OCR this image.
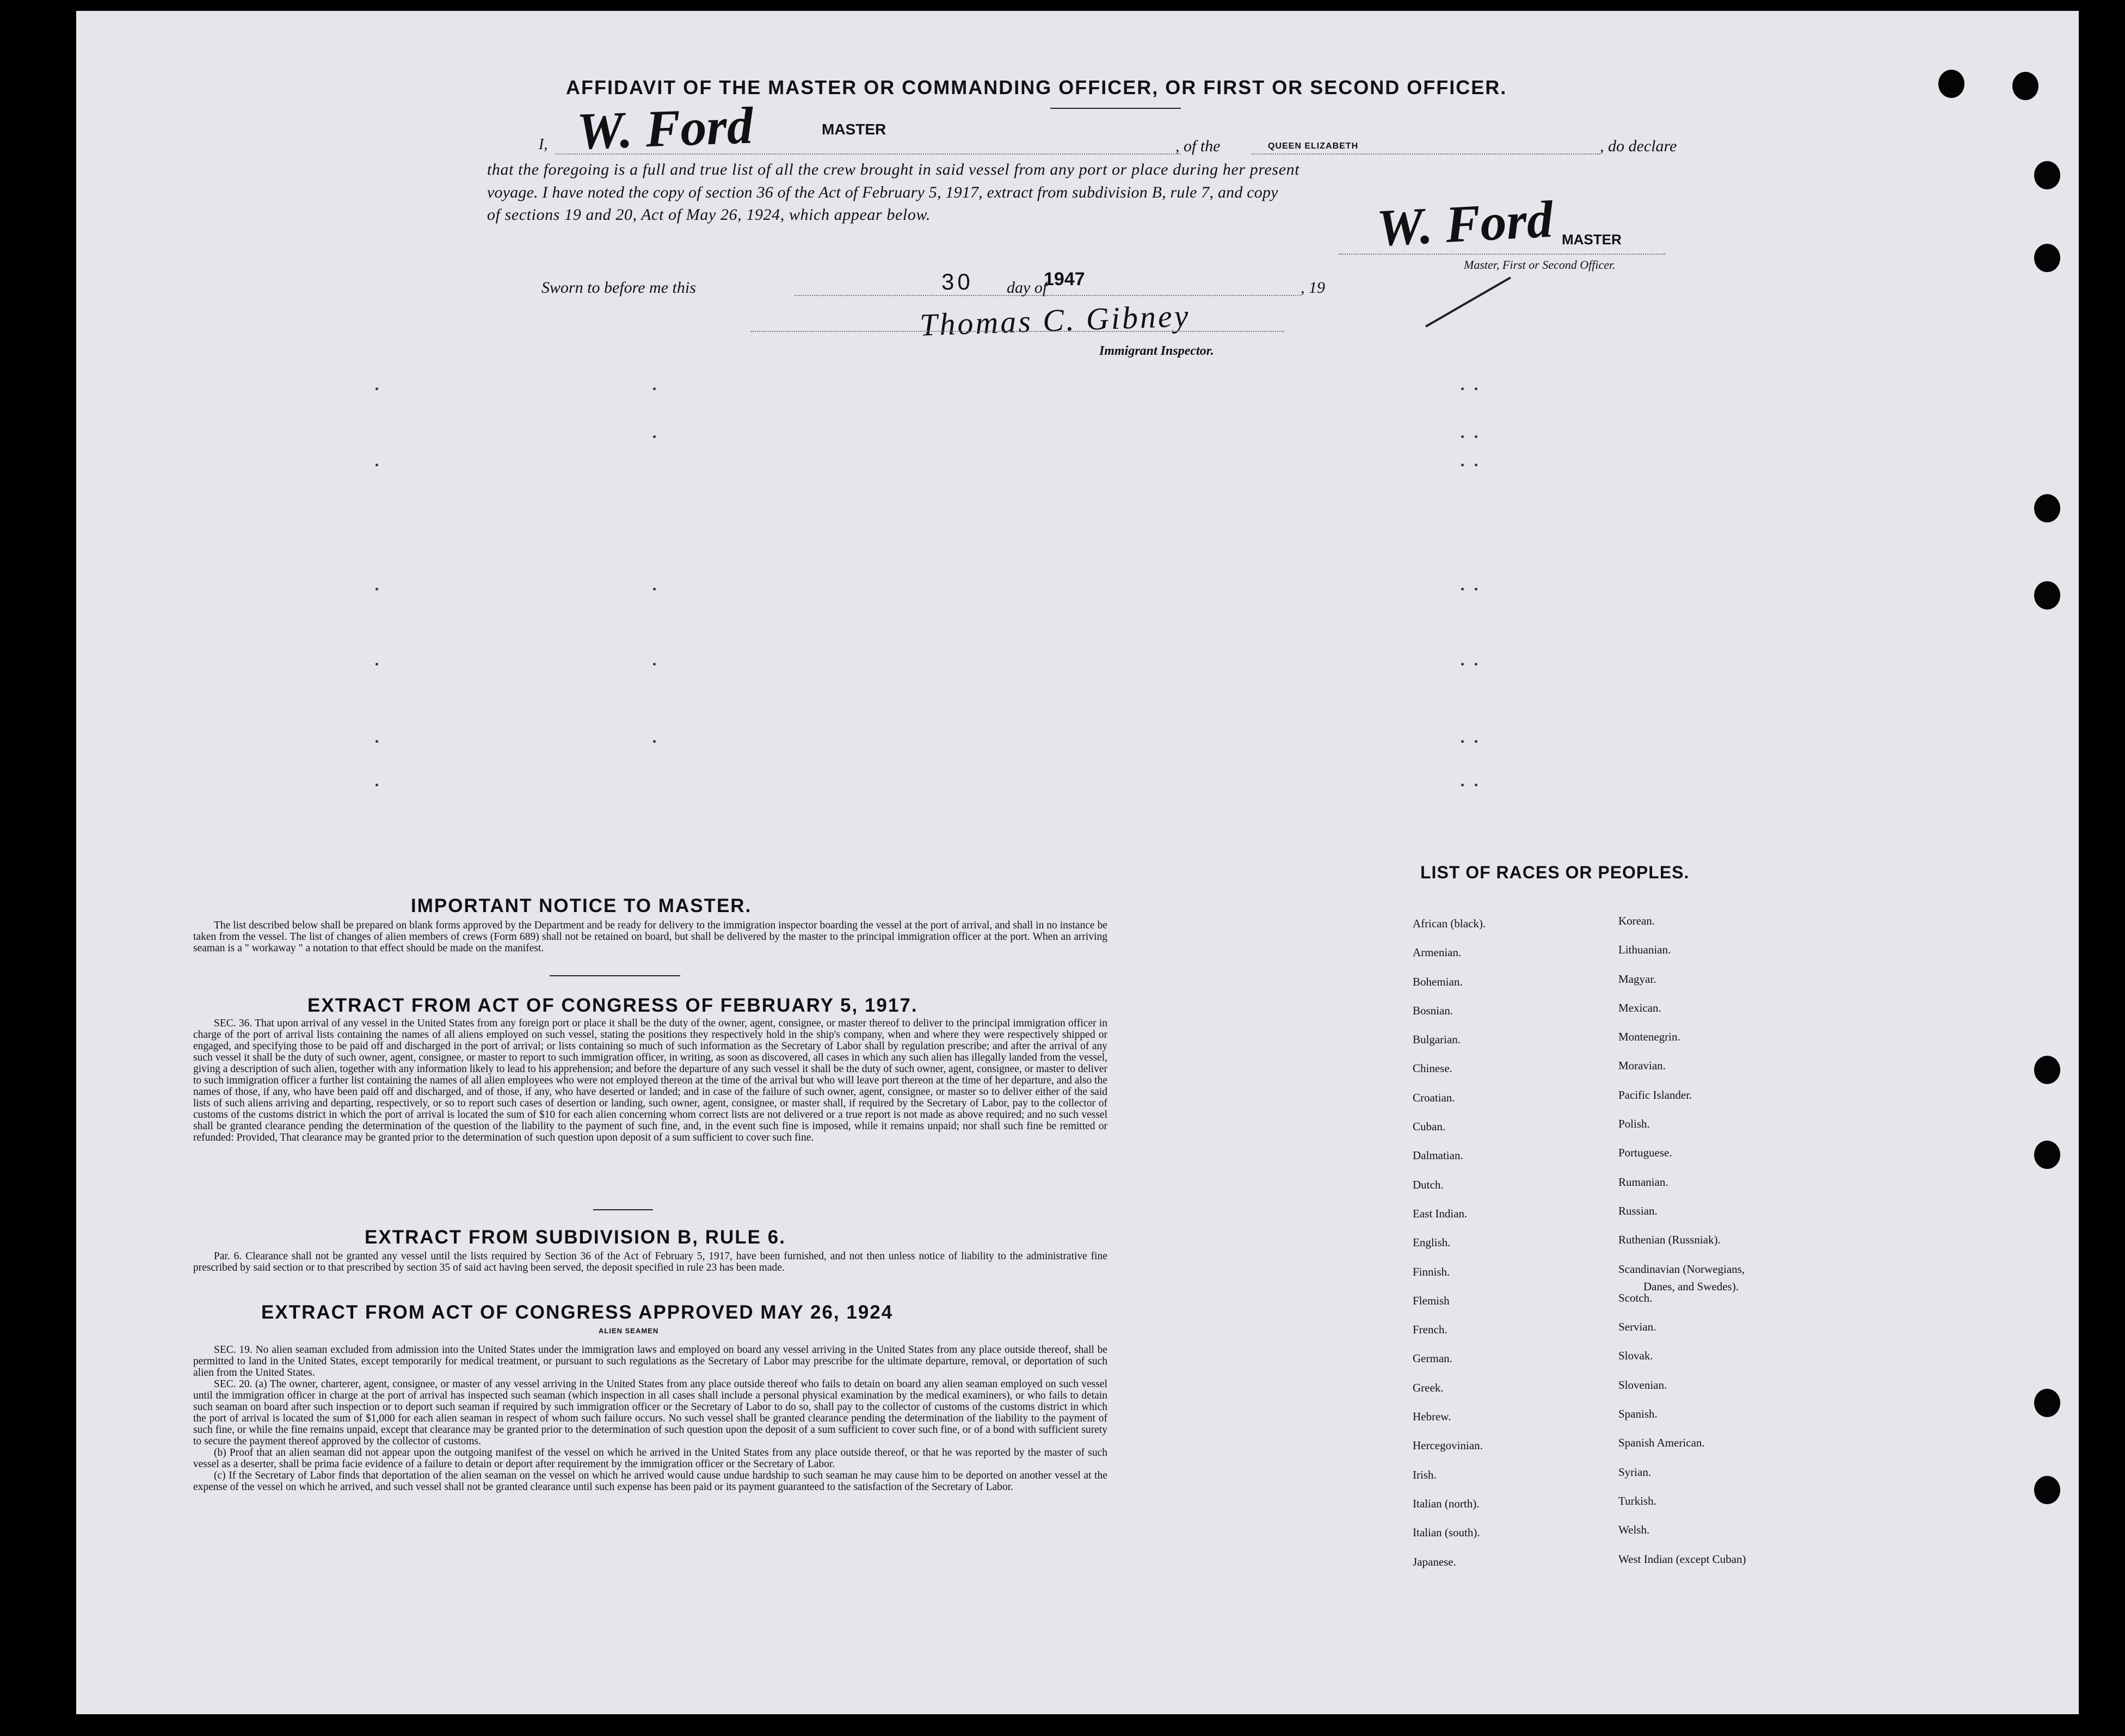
AFFIDAVIT OF THE MASTER OR COMMANDING OFFICER, OR FIRST OR SECOND OFFICER.
I, W. Ford	MASTER
, of the	QUEEN ELIZABETH	, do declare
that the foregoing is a full and true list of all the crew brought in said vessel from any port or place during her present
voyage. I have noted the copy of section 36 of the Act of February 5, 1917, extract from subdivision B, rule 7, and copy
of sections 19 and 20, Act of May 26, 1924, which appear below.	W. Ford MASTER
Master, First or Second Officer.
Sworn to before me this	30 day of
1947	, 19
Thomas C. Gibney
Immigrant Inspector.
IMPORTANT NOTICE TO MASTER.

The list described below shall be prepared on blank forms approved by the Department and be ready for delivery to the immigration inspector boarding the vessel at the port of arrival, and shall in no instance be taken from the vessel. The list of changes of alien members of crews (Form 689) shall not be retained on board, but shall be delivered by the master to the principal immigration officer at the port. When an arriving seaman is a " workaway " a notation to that effect should be made on the manifest.

EXTRACT FROM ACT OF CONGRESS OF FEBRUARY 5, 1917.

SEC. 36. That upon arrival of any vessel in the United States from any foreign port or place it shall be the duty of the owner, agent, consignee, or master thereof to deliver to the principal immigration officer in charge of the port of arrival lists containing the names of all aliens employed on such vessel, stating the positions they respectively hold in the ship's company, when and where they were respectively shipped or engaged, and specifying those to be paid off and discharged in the port of arrival; or lists containing so much of such information as the Secretary of Labor shall by regulation prescribe; and after the arrival of any such vessel it shall be the duty of such owner, agent, consignee, or master to report to such immigration officer, in writing, as soon as discovered, all cases in which any such alien has illegally landed from the vessel, giving a description of such alien, together with any information likely to lead to his apprehension; and before the departure of any such vessel it shall be the duty of such owner, agent, consignee, or master to deliver to such immigration officer a further list containing the names of all alien employees who were not employed thereon at the time of the arrival but who will leave port thereon at the time of her departure, and also the names of those, if any, who have been paid off and discharged, and of those, if any, who have deserted or landed; and in case of the failure of such owner, agent, consignee, or master so to deliver either of the said lists of such aliens arriving and departing, respectively, or so to report such cases of desertion or landing, such owner, agent, consignee, or master shall, if required by the Secretary of Labor, pay to the collector of customs of the customs district in which the port of arrival is located the sum of $10 for each alien concerning whom correct lists are not delivered or a true report is not made as above required; and no such vessel shall be granted clearance pending the determination of the question of the liability to the payment of such fine, and, in the event such fine is imposed, while it remains unpaid; nor shall such fine be remitted or refunded: Provided, That clearance may be granted prior to the determination of such question upon deposit of a sum sufficient to cover such fine.

EXTRACT FROM SUBDIVISION B, RULE 6.

Par. 6. Clearance shall not be granted any vessel until the lists required by Section 36 of the Act of February 5, 1917, have been furnished, and not then unless notice of liability to the administrative fine prescribed by said section or to that prescribed by section 35 of said act having been served, the deposit specified in rule 23 has been made.

EXTRACT FROM ACT OF CONGRESS APPROVED MAY 26, 1924
ALIEN SEAMEN

SEC. 19. No alien seaman excluded from admission into the United States under the immigration laws and employed on board any vessel arriving in the United States from any place outside thereof, shall be permitted to land in the United States, except temporarily for medical treatment, or pursuant to such regulations as the Secretary of Labor may prescribe for the ultimate departure, removal, or deportation of such alien from the United States.

SEC. 20. (a) The owner, charterer, agent, consignee, or master of any vessel arriving in the United States from any place outside thereof who fails to detain on board any alien seaman employed on such vessel until the immigration officer in charge at the port of arrival has inspected such seaman (which inspection in all cases shall include a personal physical examination by the medical examiners), or who fails to detain such seaman on board after such inspection or to deport such seaman if required by such immigration officer or the Secretary of Labor to do so, shall pay to the collector of customs of the customs district in which the port of arrival is located the sum of $1,000 for each alien seaman in respect of whom such failure occurs. No such vessel shall be granted clearance pending the determination of the liability to the payment of such fine, or while the fine remains unpaid, except that clearance may be granted prior to the determination of such question upon the deposit of a sum sufficient to cover such fine, or of a bond with sufficient surety to secure the payment thereof approved by the collector of customs.

(b) Proof that an alien seaman did not appear upon the outgoing manifest of the vessel on which he arrived in the United States from any place outside thereof, or that he was reported by the master of such vessel as a deserter, shall be prima facie evidence of a failure to detain or deport after requirement by the immigration officer or the Secretary of Labor.

(c) If the Secretary of Labor finds that deportation of the alien seaman on the vessel on which he arrived would cause undue hardship to such seaman he may cause him to be deported on another vessel at the expense of the vessel on which he arrived, and such vessel shall not be granted clearance until such expense has been paid or its payment guaranteed to the satisfaction of the Secretary of Labor.

LIST OF RACES OR PEOPLES.
African (black).
Armenian.
Bohemian.
Bosnian.
Bulgarian.
Chinese.
Croatian.
Cuban.
Dalmatian.
Dutch.
East Indian.
English.
Finnish.
Flemish
French.
German.
Greek.
Hebrew.
Hercegovinian.
Irish.
Italian (north).
Italian (south).
Japanese.
Korean.
Lithuanian.
Magyar.
Mexican.
Montenegrin.
Moravian.
Pacific Islander.
Polish.
Portuguese.
Rumanian.
Russian.
Ruthenian (Russniak).
Scandinavian (Norwegians,
Scotch.
Servian.
Slovak.
Slovenian.
Spanish.
Spanish American.
Syrian.
Turkish.
Welsh.
West Indian (except Cuban)
Danes, and Swedes).
